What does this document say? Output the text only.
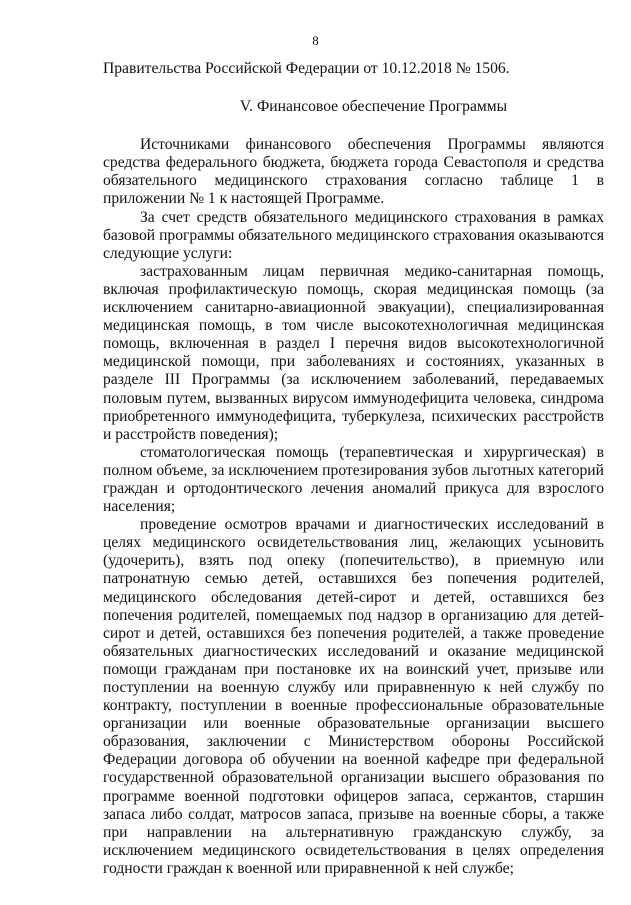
8

Правительства Российской Федерации от 10.12.2018 № 1506.

V. Финансовое обеспечение Программы

Источниками финансового обеспечения Программы являются средства федерального бюджета, бюджета города Севастополя и средства обязательного медицинского страхования согласно таблице 1 в приложении № 1 к настоящей Программе.

За счет средств обязательного медицинского страхования в рамках базовой программы обязательного медицинского страхования оказываются следующие услуги:

застрахованным лицам первичная медико-санитарная помощь, включая профилактическую помощь, скорая медицинская помощь (за исключением санитарно-авиационной эвакуации), специализированная медицинская помощь, в том числе высокотехнологичная медицинская помощь, включенная в раздел I перечня видов высокотехнологичной медицинской помощи, при заболеваниях и состояниях, указанных в разделе III Программы (за исключением заболеваний, передаваемых половым путем, вызванных вирусом иммунодефицита человека, синдрома приобретенного иммунодефицита, туберкулеза, психических расстройств и расстройств поведения);

стоматологическая помощь (терапевтическая и хирургическая) в полном объеме, за исключением протезирования зубов льготных категорий граждан и ортодонтического лечения аномалий прикуса для взрослого населения;

проведение осмотров врачами и диагностических исследований в целях медицинского освидетельствования лиц, желающих усыновить (удочерить), взять под опеку (попечительство), в приемную или патронатную семью детей, оставшихся без попечения родителей, медицинского обследования детей-сирот и детей, оставшихся без попечения родителей, помещаемых под надзор в организацию для детей-сирот и детей, оставшихся без попечения родителей, а также проведение обязательных диагностических исследований и оказание медицинской помощи гражданам при постановке их на воинский учет, призыве или поступлении на военную службу или приравненную к ней службу по контракту, поступлении в военные профессиональные образовательные организации или военные образовательные организации высшего образования, заключении с Министерством обороны Российской Федерации договора об обучении на военной кафедре при федеральной государственной образовательной организации высшего образования по программе военной подготовки офицеров запаса, сержантов, старшин запаса либо солдат, матросов запаса, призыве на военные сборы, а также при направлении на альтернативную гражданскую службу, за исключением медицинского освидетельствования в целях определения годности граждан к военной или приравненной к ней службе;
